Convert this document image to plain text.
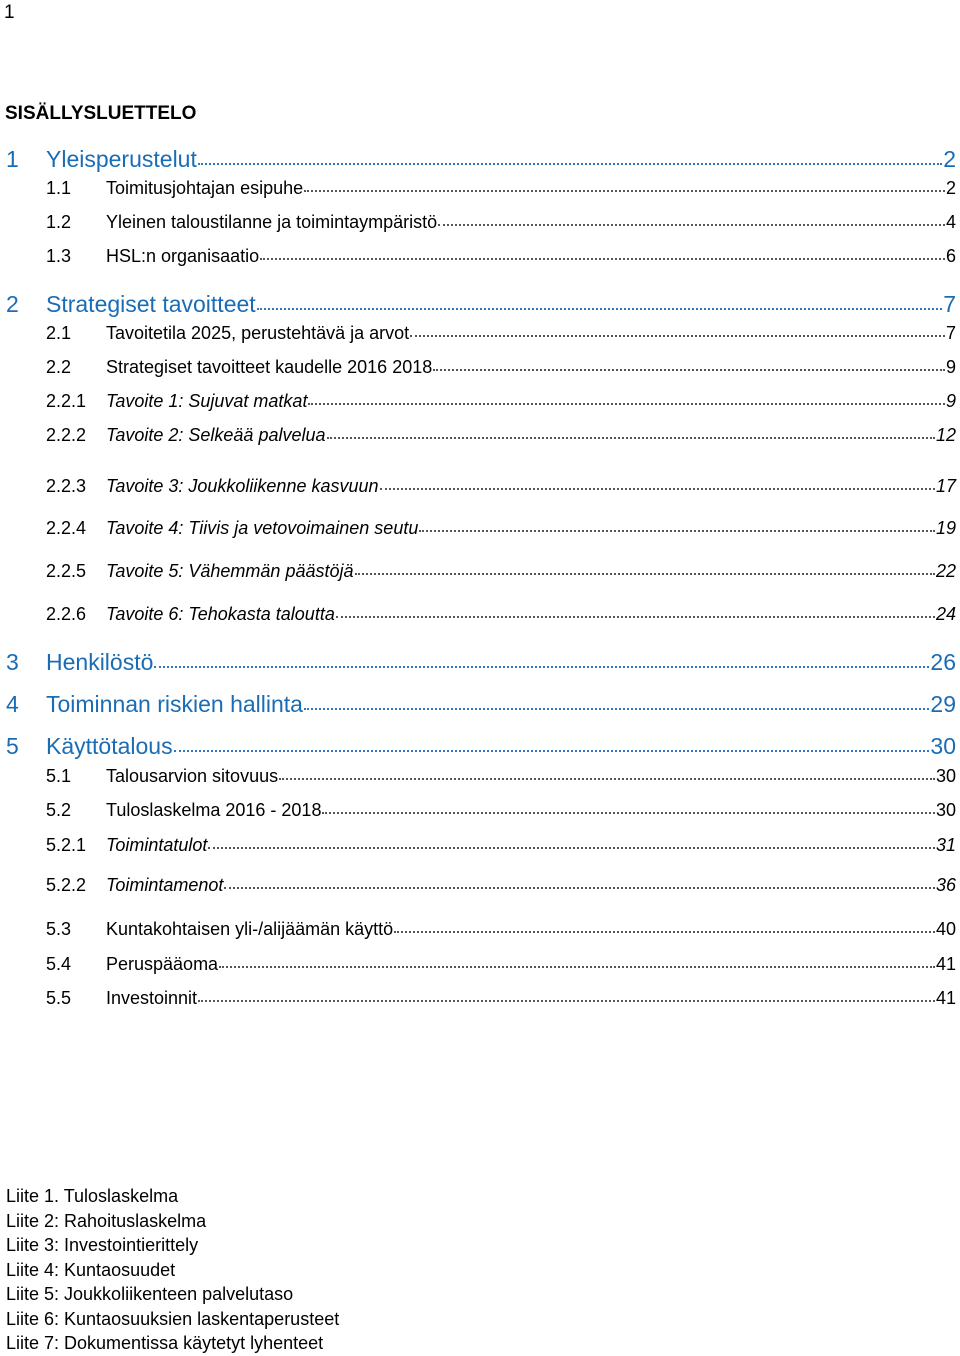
1
SISÄLLYSLUETTELO
1	Yleisperustelut	2
1.1	Toimitusjohtajan esipuhe	2
1.2	Yleinen taloustilanne ja toimintaympäristö	4
1.3	HSL:n organisaatio	6
2	Strategiset tavoitteet	7
2.1	Tavoitetila 2025, perustehtävä ja arvot	7
2.2	Strategiset tavoitteet kaudelle 2016 2018	9
2.2.1	Tavoite 1: Sujuvat matkat	9
2.2.2	Tavoite 2: Selkeää palvelua	12
2.2.3	Tavoite 3: Joukkoliikenne kasvuun	17
2.2.4	Tavoite 4: Tiivis ja vetovoimainen seutu	19
2.2.5	Tavoite 5: Vähemmän päästöjä	22
2.2.6	Tavoite 6: Tehokasta taloutta	24
3	Henkilöstö	26
4	Toiminnan riskien hallinta	29
5	Käyttötalous	30
5.1	Talousarvion sitovuus	30
5.2	Tuloslaskelma 2016 - 2018	30
5.2.1	Toimintatulot	31
5.2.2	Toimintamenot	36
5.3	Kuntakohtaisen yli-/alijäämän käyttö	40
5.4	Peruspääoma	41
5.5	Investoinnit	41
Liite 1. Tuloslaskelma
Liite 2: Rahoituslaskelma
Liite 3: Investointierittely
Liite 4: Kuntaosuudet
Liite 5: Joukkoliikenteen palvelutaso
Liite 6: Kuntaosuuksien laskentaperusteet
Liite 7: Dokumentissa käytetyt lyhenteet
